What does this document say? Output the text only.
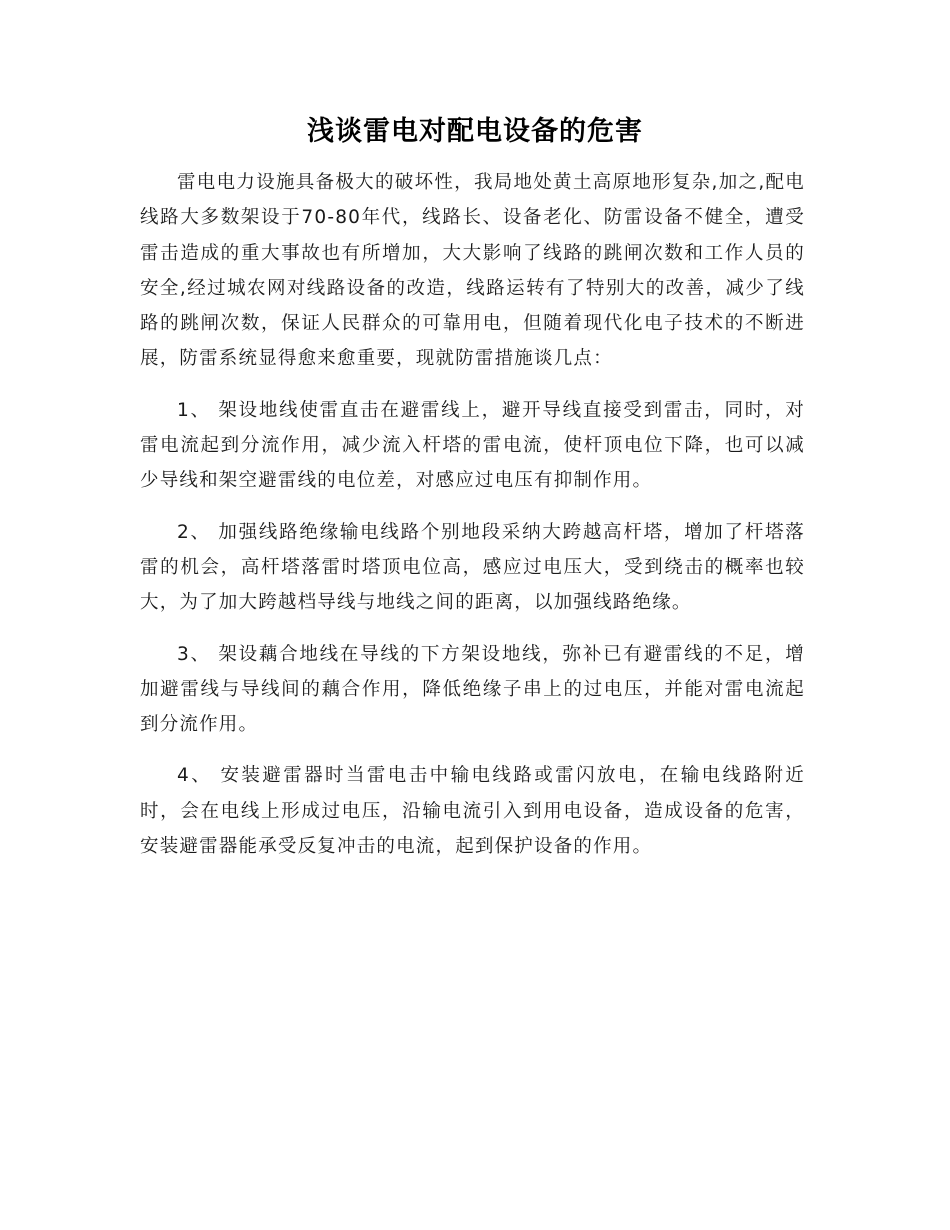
浅谈雷电对配电设备的危害

雷电电力设施具备极大的破坏性，我局地处黄土高原地形复杂,加之,配电线路大多数架设于70-80年代，线路长、设备老化、防雷设备不健全，遭受雷击造成的重大事故也有所增加，大大影响了线路的跳闸次数和工作人员的安全,经过城农网对线路设备的改造，线路运转有了特别大的改善，减少了线路的跳闸次数，保证人民群众的可靠用电，但随着现代化电子技术的不断进展，防雷系统显得愈来愈重要，现就防雷措施谈几点：

1、 架设地线使雷直击在避雷线上，避开导线直接受到雷击，同时，对雷电流起到分流作用，减少流入杆塔的雷电流，使杆顶电位下降，也可以减少导线和架空避雷线的电位差，对感应过电压有抑制作用。

2、 加强线路绝缘输电线路个别地段采纳大跨越高杆塔，增加了杆塔落雷的机会，高杆塔落雷时塔顶电位高，感应过电压大，受到绕击的概率也较大，为了加大跨越档导线与地线之间的距离，以加强线路绝缘。

3、 架设藕合地线在导线的下方架设地线，弥补已有避雷线的不足，增加避雷线与导线间的藕合作用，降低绝缘子串上的过电压，并能对雷电流起到分流作用。

4、 安装避雷器时当雷电击中输电线路或雷闪放电，在输电线路附近时，会在电线上形成过电压，沿输电流引入到用电设备，造成设备的危害，安装避雷器能承受反复冲击的电流，起到保护设备的作用。
